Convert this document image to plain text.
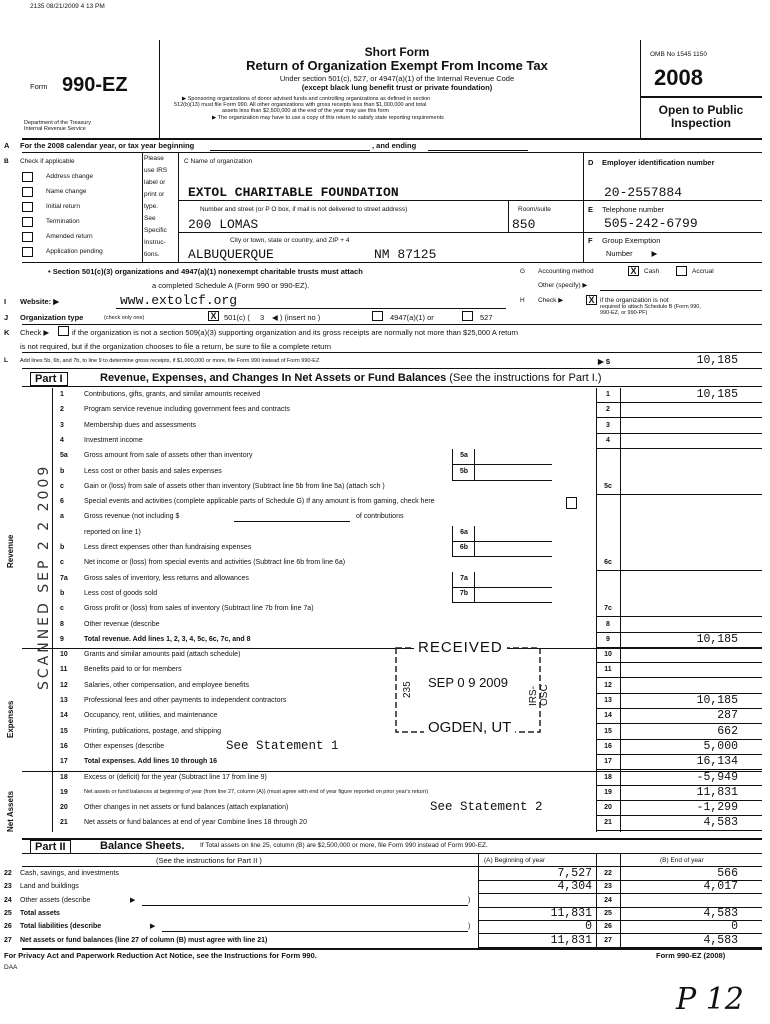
2135 08/21/2009 4 13 PM
Form 990-EZ
Department of the Treasury
Internal Revenue Service
Short Form
Return of Organization Exempt From Income Tax
Under section 501(c), 527, or 4947(a)(1) of the Internal Revenue Code
(except black lung benefit trust or private foundation)
▶ Sponsoring organizations of donor advised funds and controlling organizations as defined in section
512(b)(13) must file Form 990. All other organizations with gross receipts less than $1,000,000 and total
assets less than $2,500,000 at the end of the year may use this form
▶ The organization may have to use a copy of this return to satisfy state reporting requirements
OMB No 1545 1150
2008
Open to Public
Inspection
A For the 2008 calendar year, or tax year beginning	, and ending
B Check if applicable
Address change
Name change
Initial return
Termination
Amended return
Application pending
Please
use IRS
label or
print or
type.
See
Specific
Instruc-
tions.
C Name of organization
EXTOL CHARITABLE FOUNDATION
Number and street (or P O box, if mail is not delivered to street address)	Room/suite
200 LOMAS	850
City or town, state or country, and ZIP + 4
ALBUQUERQUE	NM 87125
D Employer identification number
20-2557884
E Telephone number
505-242-6799
F Group Exemption
Number         ▶
• Section 501(c)(3) organizations and 4947(a)(1) nonexempt charitable trusts must attach
a completed Schedule A (Form 990 or 990-EZ).
G Accounting method	X	Cash	Accrual
Other (specify) ▶
I Website: ▶	www.extolcf.org	H Check ▶	X if the organization is not
required to attach Schedule B (Form 990,
990-EZ, or 990-PF)
J Organization type	(check only one)	X	501(c) ( 3 ◀ ) (insert no )	4947(a)(1) or	527
K Check ▶	if the organization is not a section 509(a)(3) supporting organization and its gross receipts are normally not more than $25,000 A return
is not required, but if the organization chooses to file a return, be sure to file a complete return
L Add lines 5b, 6b, and 7b, to line 9 to determine gross receipts, if $1,000,000 or more, file Form 990 instead of Form 990-EZ	▶ $	10,185
Part I	Revenue, Expenses, and Changes In Net Assets or Fund Balances (See the instructions for Part I.)
1	Contributions, gifts, grants, and similar amounts received	1	10,185
2	Program service revenue including government fees and contracts	2
3	Membership dues and assessments	3
4	Investment income	4
5a Gross amount from sale of assets other than inventory	5a
b	Less cost or other basis and sales expenses	5b
c	Gain or (loss) from sale of assets other than inventory (Subtract line 5b from line 5a) (attach sch )	5c
6	Special events and activities (complete applicable parts of Schedule G) If any amount is from gaming, check here
a	Gross revenue (not including $	of contributions
reported on line 1)	6a
b	Less direct expenses other than fundraising expenses	6b
c	Net income or (loss) from special events and activities (Subtract line 6b from line 6a)	6c
7a Gross sales of inventory, less returns and allowances	7a
b	Less cost of goods sold	7b
c	Gross profit or (loss) from sales of inventory (Subtract line 7b from line 7a)	7c
8	Other revenue (describe	8
9	Total revenue. Add lines 1, 2, 3, 4, 5c, 6c, 7c, and 8	9	10,185
10 Grants and similar amounts paid (attach schedule)	10
11 Benefits paid to or for members	11
12 Salaries, other compensation, and employee benefits	12
13 Professional fees and other payments to independent contractors	13	10,185
14 Occupancy, rent, utilities, and maintenance	14	287
15 Printing, publications, postage, and shipping	15	662
16 Other expenses (describe	See Statement 1	16	5,000
17 Total expenses. Add lines 10 through 16	17	16,134
18 Excess or (deficit) for the year (Subtract line 17 from line 9)	18	-5,949
19	Net assets or fund balances at beginning of year (from line 27, column (A)) (must agree with end of year figure reported on prior year's return)	19	11,831
20 Other changes in net assets or fund balances (attach explanation)	See Statement 2	20	-1,299
21 Net assets or fund balances at end of year Combine lines 18 through 20	21	4,583
Revenue
Expenses
Net Assets
SCANNED SEP 2 2 2009	RECEIVED
SEP 0 9 2009
OGDEN, UT
235	IRS-OSC
Part II	Balance Sheets. If Total assets on line 25, column (B) are $2,500,000 or more, file Form 990 instead of Form 990-EZ.
(See the instructions for Part II )	(A) Beginning of year	(B) End of year
22 Cash, savings, and investments	7,527	22	566
23 Land and buildings	4,304	23	4,017
24 Other assets (describe	24
▶	)
25 Total assets	11,831	25	4,583
26 Total liabilities (describe	0	26	0
▶	)
27 Net assets or fund balances (line 27 of column (B) must agree with line 21)	11,831	27	4,583
For Privacy Act and Paperwork Reduction Act Notice, see the Instructions for Form 990.	Form 990-EZ (2008)
DAA
P 12
